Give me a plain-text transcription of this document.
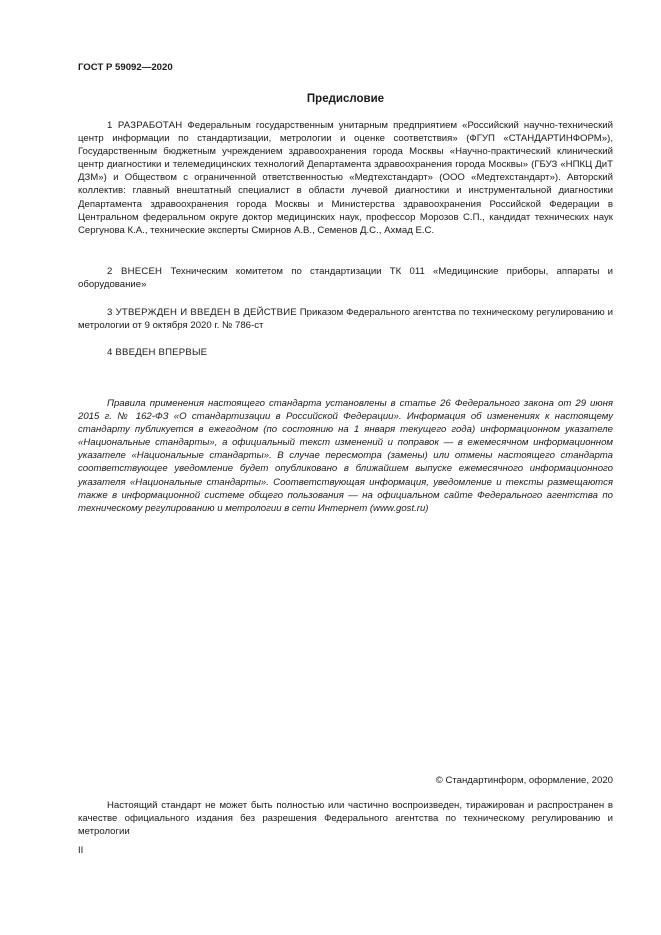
ГОСТ Р 59092—2020
Предисловие

1 РАЗРАБОТАН Федеральным государственным унитарным предприятием «Российский научно-технический центр информации по стандартизации, метрологии и оценке соответствия» (ФГУП «СТАНДАРТИНФОРМ»), Государственным бюджетным учреждением здравоохранения города Москвы «Научно-практический клинический центр диагностики и телемедицинских технологий Департамента здравоохранения города Москвы» (ГБУЗ «НПКЦ ДиТ ДЗМ») и Обществом с ограниченной ответственностью «Медтехстандарт» (ООО «Медтехстандарт»). Авторский коллектив: главный внештатный специалист в области лучевой диагностики и инструментальной диагностики Департамента здравоохранения города Москвы и Министерства здравоохранения Российской Федерации в Центральном федеральном округе доктор медицинских наук, профессор Морозов С.П., кандидат технических наук Сергунова К.А., технические эксперты Смирнов А.В., Семенов Д.С., Ахмад Е.С.

2 ВНЕСЕН Техническим комитетом по стандартизации ТК 011 «Медицинские приборы, аппараты и оборудование»

3 УТВЕРЖДЕН И ВВЕДЕН В ДЕЙСТВИЕ Приказом Федерального агентства по техническому регулированию и метрологии от 9 октября 2020 г. № 786-ст

4 ВВЕДЕН ВПЕРВЫЕ

Правила применения настоящего стандарта установлены в статье 26 Федерального закона от 29 июня 2015 г. № 162-ФЗ «О стандартизации в Российской Федерации». Информация об изменениях к настоящему стандарту публикуется в ежегодном (по состоянию на 1 января текущего года) информационном указателе «Национальные стандарты», а официальный текст изменений и поправок — в ежемесячном информационном указателе «Национальные стандарты». В случае пересмотра (замены) или отмены настоящего стандарта соответствующее уведомление будет опубликовано в ближайшем выпуске ежемесячного информационного указателя «Национальные стандарты». Соответствующая информация, уведомление и тексты размещаются также в информационной системе общего пользования — на официальном сайте Федерального агентства по техническому регулированию и метрологии в сети Интернет (www.gost.ru)

© Стандартинформ, оформление, 2020

Настоящий стандарт не может быть полностью или частично воспроизведен, тиражирован и распространен в качестве официального издания без разрешения Федерального агентства по техническому регулированию и метрологии

II
